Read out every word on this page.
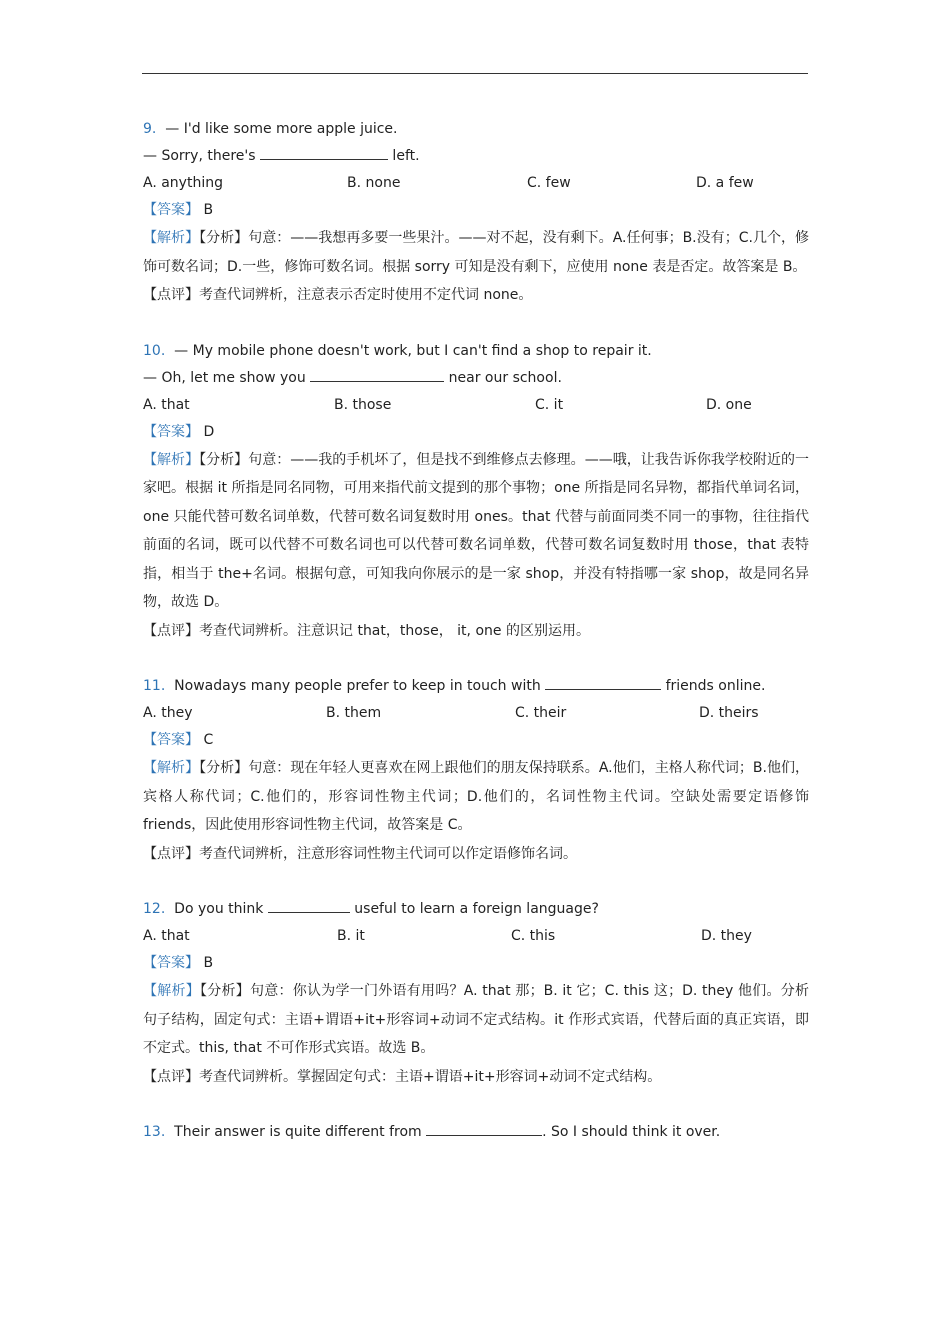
9. — I'd like some more apple juice.
— Sorry, there's	left.
A. anything	B. none	C. few	D. a few
【答案】 B
【解析】【分析】句意：——我想再多要一些果汁。——对不起，没有剩下。A.任何事；B.没有；C.几个，修饰可数名词；D.一些，修饰可数名词。根据 sorry 可知是没有剩下，应使用 none 表是否定。故答案是 B。
【点评】考查代词辨析，注意表示否定时使用不定代词 none。
10. — My mobile phone doesn't work, but I can't find a shop to repair it.
— Oh, let me show you	near our school.
A. that	B. those	C. it	D. one
【答案】 D
【解析】【分析】句意：——我的手机坏了，但是找不到维修点去修理。——哦，让我告诉你我学校附近的一家吧。根据 it 所指是同名同物，可用来指代前文提到的那个事物；one 所指是同名异物，都指代单词名词，one 只能代替可数名词单数，代替可数名词复数时用 ones。that 代替与前面同类不同一的事物，往往指代前面的名词，既可以代替不可数名词也可以代替可数名词单数，代替可数名词复数时用 those，that 表特指，相当于 the+名词。根据句意，可知我向你展示的是一家 shop，并没有特指哪一家 shop，故是同名异物，故选 D。
【点评】考查代词辨析。注意识记 that，those， it, one 的区别运用。
11. Nowadays many people prefer to keep in touch with	friends online.
A. they	B. them	C. their	D. theirs
【答案】 C
【解析】【分析】句意：现在年轻人更喜欢在网上跟他们的朋友保持联系。A.他们，主格人称代词；B.他们，宾格人称代词；C.他们的，形容词性物主代词；D.他们的，名词性物主代词。空缺处需要定语修饰 friends，因此使用形容词性物主代词，故答案是 C。
【点评】考查代词辨析，注意形容词性物主代词可以作定语修饰名词。
12. Do you think	useful to learn a foreign language?
A. that	B. it	C. this	D. they
【答案】 B
【解析】【分析】句意：你认为学一门外语有用吗？A. that 那；B. it 它；C. this 这；D. they 他们。分析句子结构，固定句式：主语+谓语+it+形容词+动词不定式结构。it 作形式宾语，代替后面的真正宾语，即不定式。this, that 不可作形式宾语。故选 B。
【点评】考查代词辨析。掌握固定句式：主语+谓语+it+形容词+动词不定式结构。
13. Their answer is quite different from	. So I should think it over.
